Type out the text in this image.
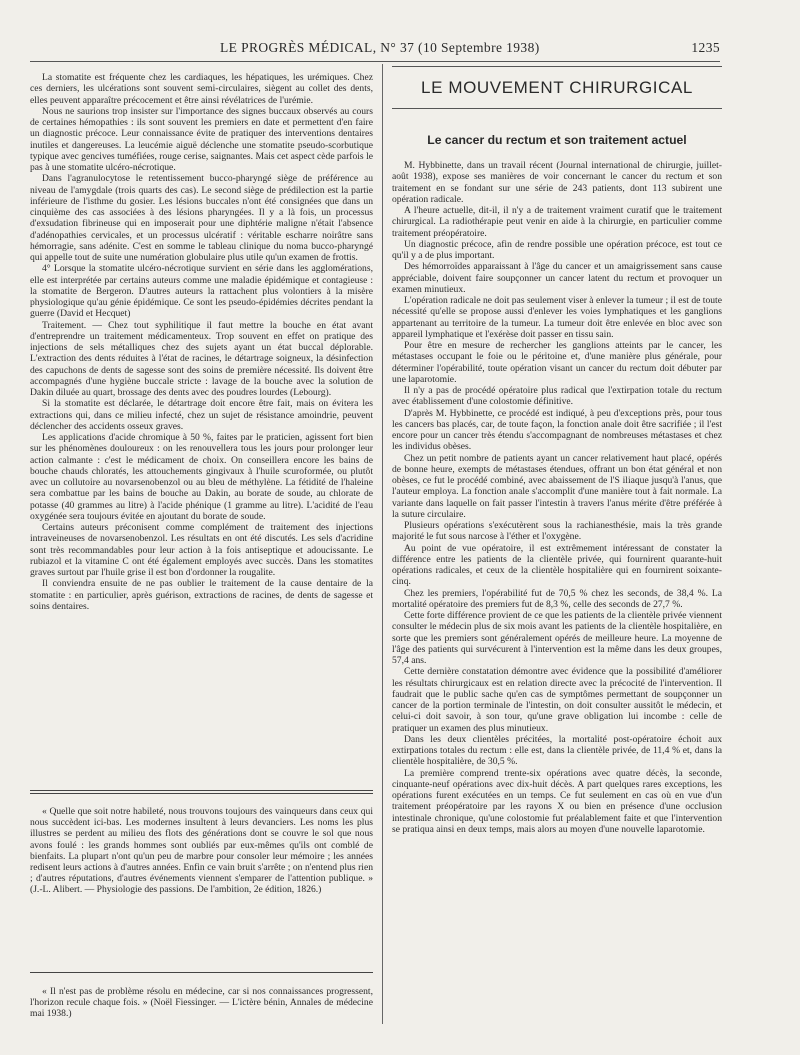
LE PROGRÈS MÉDICAL, N° 37 (10 Septembre 1938)	1235

La stomatite est fréquente chez les cardiaques, les hépatiques, les urémiques. Chez ces derniers, les ulcérations sont souvent semi-circulaires, siègent au collet des dents, elles peuvent apparaître précocement et être ainsi révélatrices de l'urémie.

Nous ne saurions trop insister sur l'importance des signes buccaux observés au cours de certaines hémopathies : ils sont souvent les premiers en date et permettent d'en faire un diagnostic précoce. Leur connaissance évite de pratiquer des interventions dentaires inutiles et dangereuses. La leucémie aiguë déclenche une stomatite pseudo-scorbutique typique avec gencives tuméfiées, rouge cerise, saignantes. Mais cet aspect cède parfois le pas à une stomatite ulcéro-nécrotique.

Dans l'agranulocytose le retentissement bucco-pharyngé siège de préférence au niveau de l'amygdale (trois quarts des cas). Le second siège de prédilection est la partie inférieure de l'isthme du gosier. Les lésions buccales n'ont été consignées que dans un cinquième des cas associées à des lésions pharyngées. Il y a là fois, un processus d'exsudation fibrineuse qui en imposerait pour une diphtérie maligne n'était l'absence d'adénopathies cervicales, et un processus ulcératif : véritable escharre noirâtre sans hémorragie, sans adénite. C'est en somme le tableau clinique du noma bucco-pharyngé qui appelle tout de suite une numération globulaire plus utile qu'un examen de frottis.

4° Lorsque la stomatite ulcéro-nécrotique survient en série dans les agglomérations, elle est interprétée par certains auteurs comme une maladie épidémique et contagieuse : la stomatite de Bergeron. D'autres auteurs la rattachent plus volontiers à la misère physiologique qu'au génie épidémique. Ce sont les pseudo-épidémies décrites pendant la guerre (David et Hecquet)

Traitement. — Chez tout syphilitique il faut mettre la bouche en état avant d'entreprendre un traitement médicamenteux. Trop souvent en effet on pratique des injections de sels métalliques chez des sujets ayant un état buccal déplorable. L'extraction des dents réduites à l'état de racines, le détartrage soigneux, la désinfection des capuchons de dents de sagesse sont des soins de première nécessité. Ils doivent être accompagnés d'une hygiène buccale stricte : lavage de la bouche avec la solution de Dakin diluée au quart, brossage des dents avec des poudres lourdes (Lebourg).

Si la stomatite est déclarée, le détartrage doit encore être fait, mais on évitera les extractions qui, dans ce milieu infecté, chez un sujet de résistance amoindrie, peuvent déclencher des accidents osseux graves.

Les applications d'acide chromique à 50 %, faites par le praticien, agissent fort bien sur les phénomènes douloureux : on les renouvellera tous les jours pour prolonger leur action calmante : c'est le médicament de choix. On conseillera encore les bains de bouche chauds chloratés, les attouchements gingivaux à l'huile scuroformée, ou plutôt avec un collutoire au novarsenobenzol ou au bleu de méthylène. La fétidité de l'haleine sera combattue par les bains de bouche au Dakin, au borate de soude, au chlorate de potasse (40 grammes au litre) à l'acide phénique (1 gramme au litre). L'acidité de l'eau oxygénée sera toujours évitée en ajoutant du borate de soude.

Certains auteurs préconisent comme complément de traitement des injections intraveineuses de novarsenobenzol. Les résultats en ont été discutés. Les sels d'acridine sont très recommandables pour leur action à la fois antiseptique et adoucissante. Le rubiazol et la vitamine C ont été également employés avec succès. Dans les stomatites graves surtout par l'huile grise il est bon d'ordonner la rougalite.

Il conviendra ensuite de ne pas oublier le traitement de la cause dentaire de la stomatite : en particulier, après guérison, extractions de racines, de dents de sagesse et soins dentaires.

« Quelle que soit notre habileté, nous trouvons toujours des vainqueurs dans ceux qui nous succèdent ici-bas. Les modernes insultent à leurs devanciers. Les noms les plus illustres se perdent au milieu des flots des générations dont se couvre le sol que nous avons foulé : les grands hommes sont oubliés par eux-mêmes qu'ils ont comblé de bienfaits. La plupart n'ont qu'un peu de marbre pour consoler leur mémoire ; les années redisent leurs actions à d'autres années. Enfin ce vain bruit s'arrête ; on n'entend plus rien ; d'autres réputations, d'autres événements viennent s'emparer de l'attention publique. » (J.-L. Alibert. — Physiologie des passions. De l'ambition, 2e édition, 1826.)

« Il n'est pas de problème résolu en médecine, car si nos connaissances progressent, l'horizon recule chaque fois. » (Noël Fiessinger. — L'ictère bénin, Annales de médecine mai 1938.)

LE MOUVEMENT CHIRURGICAL
Le cancer du rectum et son traitement actuel

M. Hybbinette, dans un travail récent (Journal international de chirurgie, juillet-août 1938), expose ses manières de voir concernant le cancer du rectum et son traitement en se fondant sur une série de 243 patients, dont 113 subirent une opération radicale.

A l'heure actuelle, dit-il, il n'y a de traitement vraiment curatif que le traitement chirurgical. La radiothérapie peut venir en aide à la chirurgie, en particulier comme traitement préopératoire.

Un diagnostic précoce, afin de rendre possible une opération précoce, est tout ce qu'il y a de plus important.

Des hémorroïdes apparaissant à l'âge du cancer et un amaigrissement sans cause appréciable, doivent faire soupçonner un cancer latent du rectum et provoquer un examen minutieux.

L'opération radicale ne doit pas seulement viser à enlever la tumeur ; il est de toute nécessité qu'elle se propose aussi d'enlever les voies lymphatiques et les ganglions appartenant au territoire de la tumeur. La tumeur doit être enlevée en bloc avec son appareil lymphatique et l'exérèse doit passer en tissu sain.

Pour être en mesure de rechercher les ganglions atteints par le cancer, les métastases occupant le foie ou le péritoine et, d'une manière plus générale, pour déterminer l'opérabilité, toute opération visant un cancer du rectum doit débuter par une laparotomie.

Il n'y a pas de procédé opératoire plus radical que l'extirpation totale du rectum avec établissement d'une colostomie définitive.

D'après M. Hybbinette, ce procédé est indiqué, à peu d'exceptions près, pour tous les cancers bas placés, car, de toute façon, la fonction anale doit être sacrifiée ; il l'est encore pour un cancer très étendu s'accompagnant de nombreuses métastases et chez les individus obèses.

Chez un petit nombre de patients ayant un cancer relativement haut placé, opérés de bonne heure, exempts de métastases étendues, offrant un bon état général et non obèses, ce fut le procédé combiné, avec abaissement de l'S iliaque jusqu'à l'anus, que l'auteur employa. La fonction anale s'accomplit d'une manière tout à fait normale. La variante dans laquelle on fait passer l'intestin à travers l'anus mérite d'être préférée à la suture circulaire.

Plusieurs opérations s'exécutèrent sous la rachianesthésie, mais la très grande majorité le fut sous narcose à l'éther et l'oxygène.

Au point de vue opératoire, il est extrêmement intéressant de constater la différence entre les patients de la clientèle privée, qui fournirent quarante-huit opérations radicales, et ceux de la clientèle hospitalière qui en fournirent soixante-cinq.

Chez les premiers, l'opérabilité fut de 70,5 % chez les seconds, de 38,4 %. La mortalité opératoire des premiers fut de 8,3 %, celle des seconds de 27,7 %.

Cette forte différence provient de ce que les patients de la clientèle privée viennent consulter le médecin plus de six mois avant les patients de la clientèle hospitalière, en sorte que les premiers sont généralement opérés de meilleure heure. La moyenne de l'âge des patients qui survécurent à l'intervention est la même dans les deux groupes, 57,4 ans.

Cette dernière constatation démontre avec évidence que la possibilité d'améliorer les résultats chirurgicaux est en relation directe avec la précocité de l'intervention. Il faudrait que le public sache qu'en cas de symptômes permettant de soupçonner un cancer de la portion terminale de l'intestin, on doit consulter aussitôt le médecin, et celui-ci doit savoir, à son tour, qu'une grave obligation lui incombe : celle de pratiquer un examen des plus minutieux.

Dans les deux clientèles précitées, la mortalité post-opératoire échoit aux extirpations totales du rectum : elle est, dans la clientèle privée, de 11,4 % et, dans la clientèle hospitalière, de 30,5 %.

La première comprend trente-six opérations avec quatre décès, la seconde, cinquante-neuf opérations avec dix-huit décès. A part quelques rares exceptions, les opérations furent exécutées en un temps. Ce fut seulement en cas où en vue d'un traitement préopératoire par les rayons X ou bien en présence d'une occlusion intestinale chronique, qu'une colostomie fut préalablement faite et que l'intervention se pratiqua ainsi en deux temps, mais alors au moyen d'une nouvelle laparotomie.
